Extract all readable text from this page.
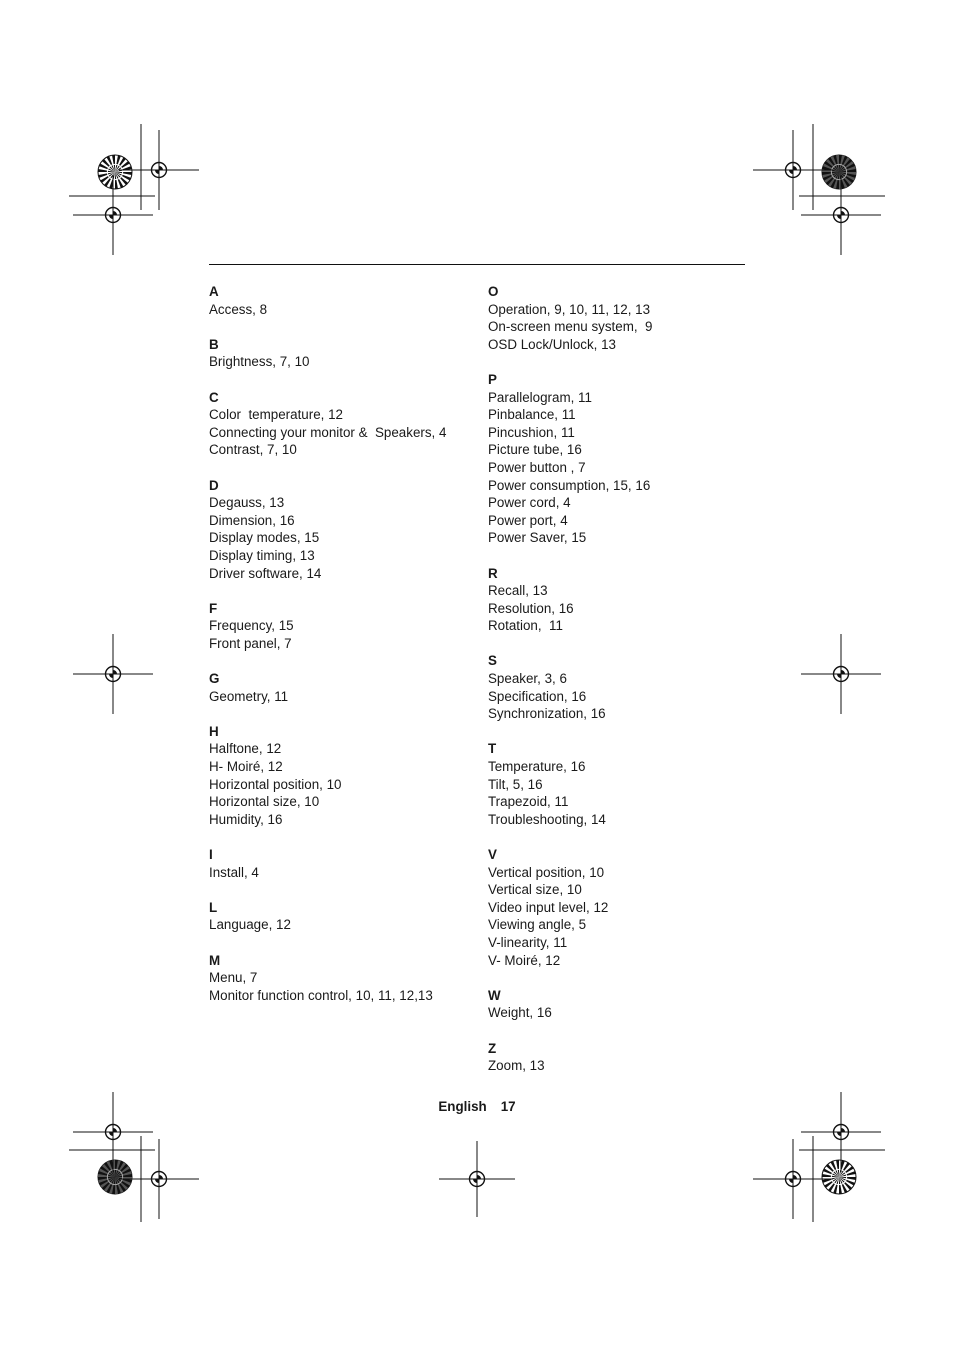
A
Access, 8
B
Brightness, 7, 10
C
Color  temperature, 12
Connecting your monitor &  Speakers, 4
Contrast, 7, 10
D
Degauss, 13
Dimension, 16
Display modes, 15
Display timing, 13
Driver software, 14
F
Frequency, 15
Front panel, 7
G
Geometry, 11
H
Halftone, 12
H- Moiré, 12
Horizontal position, 10
Horizontal size, 10
Humidity, 16
I
Install, 4
L
Language, 12
M
Menu, 7
Monitor function control, 10, 11, 12,13
O
Operation, 9, 10, 11, 12, 13
On-screen menu system,  9
OSD Lock/Unlock, 13
P
Parallelogram, 11
Pinbalance, 11
Pincushion, 11
Picture tube, 16
Power button , 7
Power consumption, 15, 16
Power cord, 4
Power port, 4
Power Saver, 15
R
Recall, 13
Resolution, 16
Rotation,  11
S
Speaker, 3, 6
Specification, 16
Synchronization, 16
T
Temperature, 16
Tilt, 5, 16
Trapezoid, 11
Troubleshooting, 14
V
Vertical position, 10
Vertical size, 10
Video input level, 12
Viewing angle, 5
V-linearity, 11
V- Moiré, 12
W
Weight, 16
Z
Zoom, 13
English 17
